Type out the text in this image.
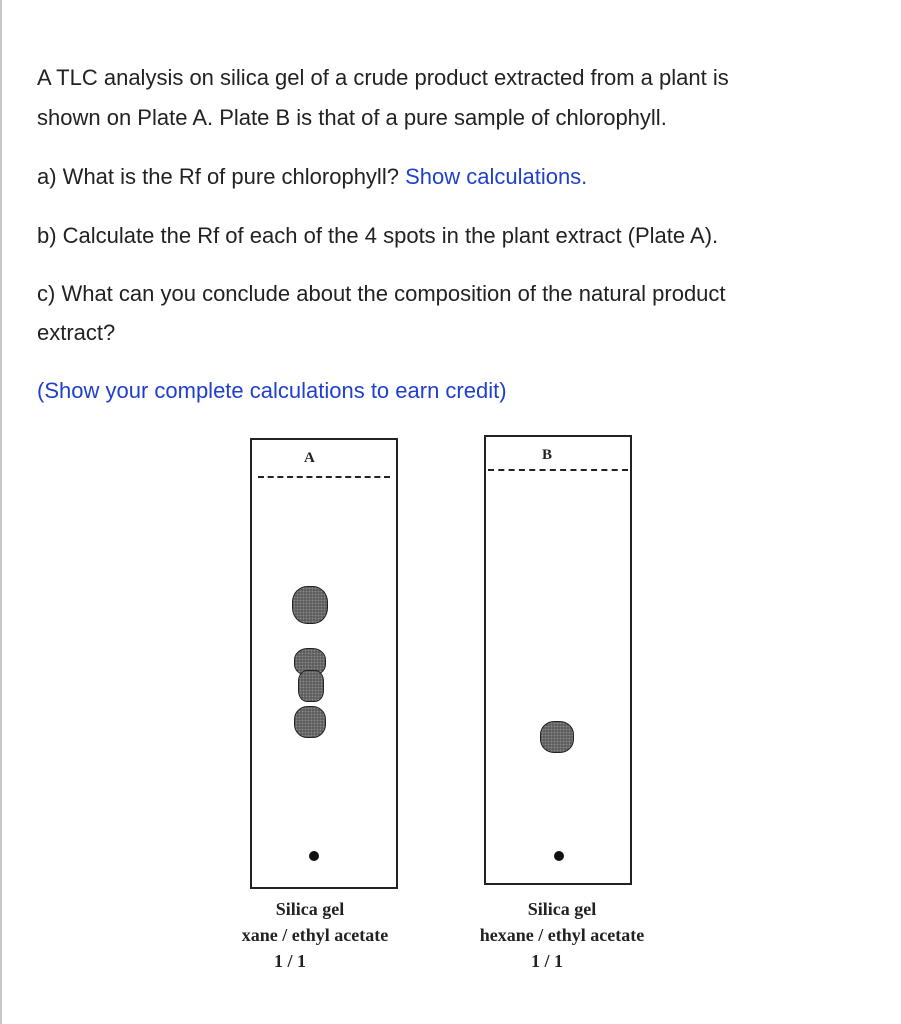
A TLC analysis on silica gel of a crude product extracted from a plant is

shown on Plate A. Plate B is that of a pure sample of chlorophyll.

a) What is the Rf of pure chlorophyll? Show calculations.

b) Calculate the Rf of each of the 4 spots in the plant extract (Plate A).

c) What can you conclude about the composition of the natural product

extract?

(Show your complete calculations to earn credit)

A
Silica gel
xane / ethyl acetate
1 / 1
B
Silica gel
hexane / ethyl acetate
1 / 1
